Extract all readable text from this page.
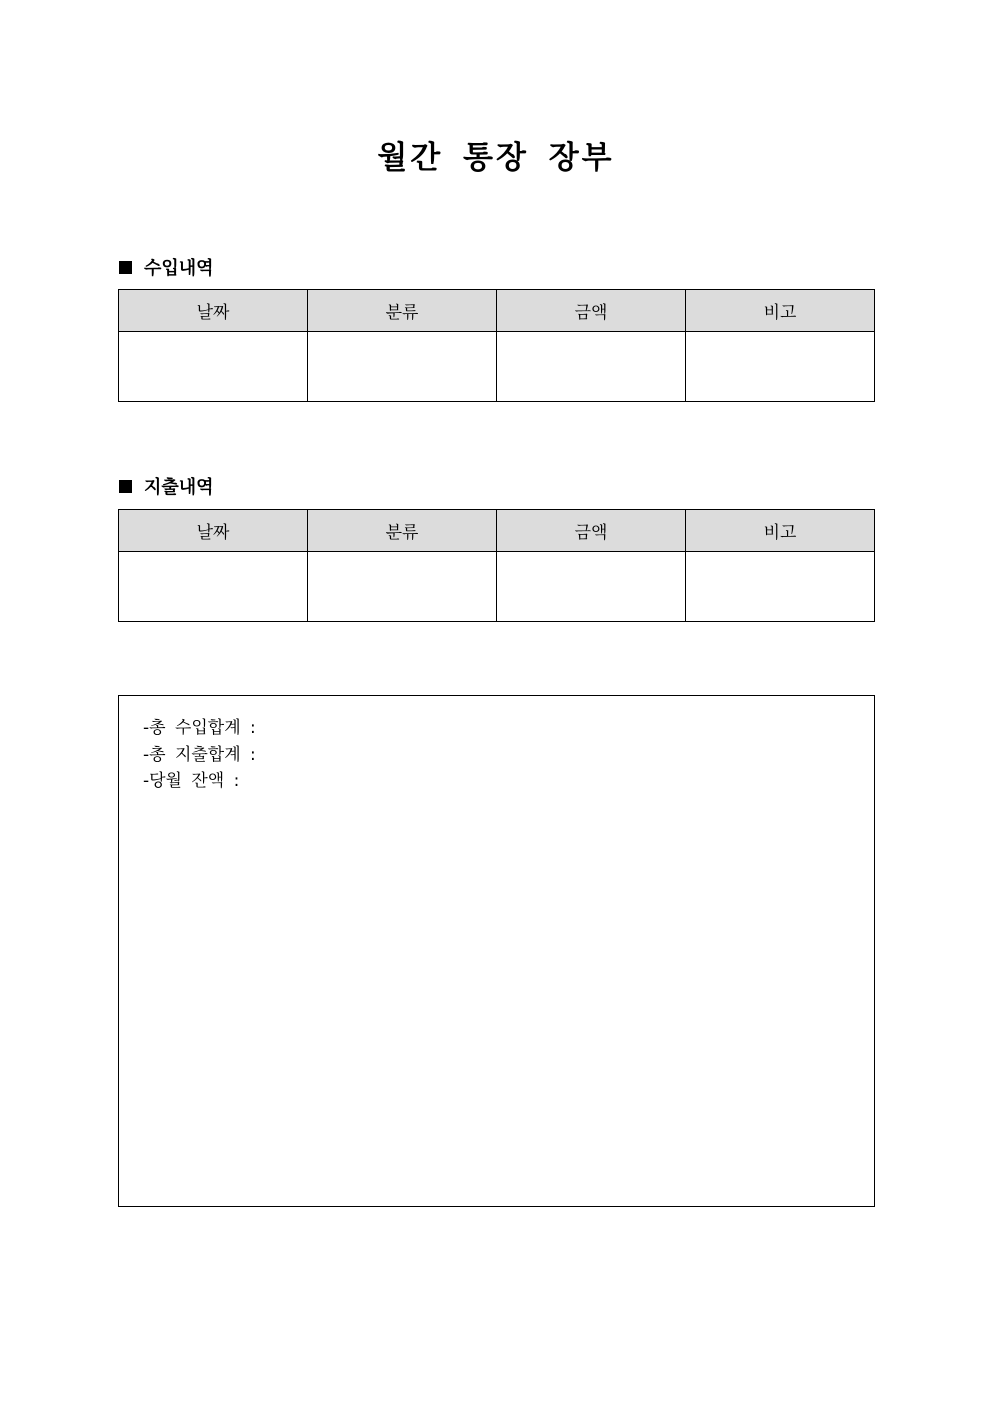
월간 통장 장부
수입내역
날짜	분류	금액	비고

지출내역
날짜	분류	금액	비고

-총 수입합계 :
-총 지출합계 :
-당월 잔액 :
